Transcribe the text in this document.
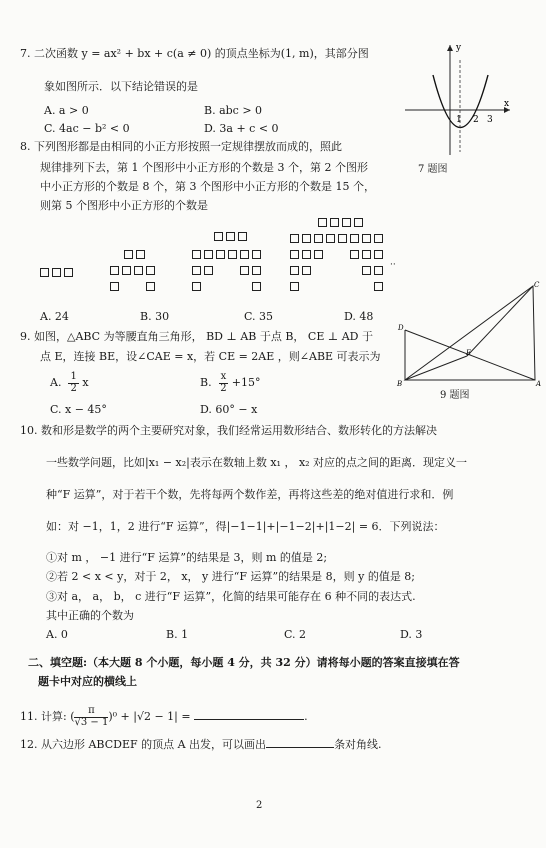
7. 二次函数 y = ax² + bx + c(a ≠ 0) 的顶点坐标为(1, m)，其部分图
象如图所示．以下结论错误的是
A. a > 0	B. abc > 0
C. 4ac − b² < 0	D. 3a + c < 0
y
x
1 2 3
7 题图
8. 下列图形都是由相同的小正方形按照一定规律摆放而成的，照此
规律排列下去，第 1 个图形中小正方形的个数是 3 个，第 2 个图形
中小正方形的个数是 8 个，第 3 个图形中小正方形的个数是 15 个，
则第 5 个图形中小正方形的个数是
··
A. 24	B. 30	C. 35	D. 48
9. 如图，△ABC 为等腰直角三角形， BD ⊥ AB 于点 B， CE ⊥ AD 于
点 E，连接 BE，设∠CAE = x，若 CE = 2AE ，则∠ABE 可表示为
A. $\frac{1}{2}$ x	B. $\frac{x}{2} +15^\circ$
C. x − 45°	D. 60° − x
D
B	A
C
E
9 题图
10. 数和形是数学的两个主要研究对象，我们经常运用数形结合、数形转化的方法解决
一些数学问题，比如|x₁ − x₂|表示在数轴上数 x₁ ， x₂ 对应的点之间的距离．现定义一
种“F 运算”，对于若干个数，先将每两个数作差，再将这些差的绝对值进行求和．例
如：对 −1，1，2 进行“F 运算”，得|−1−1|+|−1−2|+|1−2| = 6．下列说法：
①对 m ， −1 进行“F 运算”的结果是 3，则 m 的值是 2;
②若 2 < x < y，对于 2， x， y 进行“F 运算”的结果是 8，则 y 的值是 8;
③对 a， a， b， c 进行“F 运算”，化简的结果可能存在 6 种不同的表达式.
其中正确的个数为
A. 0	B. 1	C. 2	D. 3
二、填空题:（本大题 8 个小题，每小题 4 分，共 32 分）请将每小题的答案直接填在答
题卡中对应的横线上
11. 计算: ( $\frac{\pi}{√3 - 1} )^0 + |√2 - 1|$ =	.
12. 从六边形 ABCDEF 的顶点 A 出发，可以画出	条对角线.
2
